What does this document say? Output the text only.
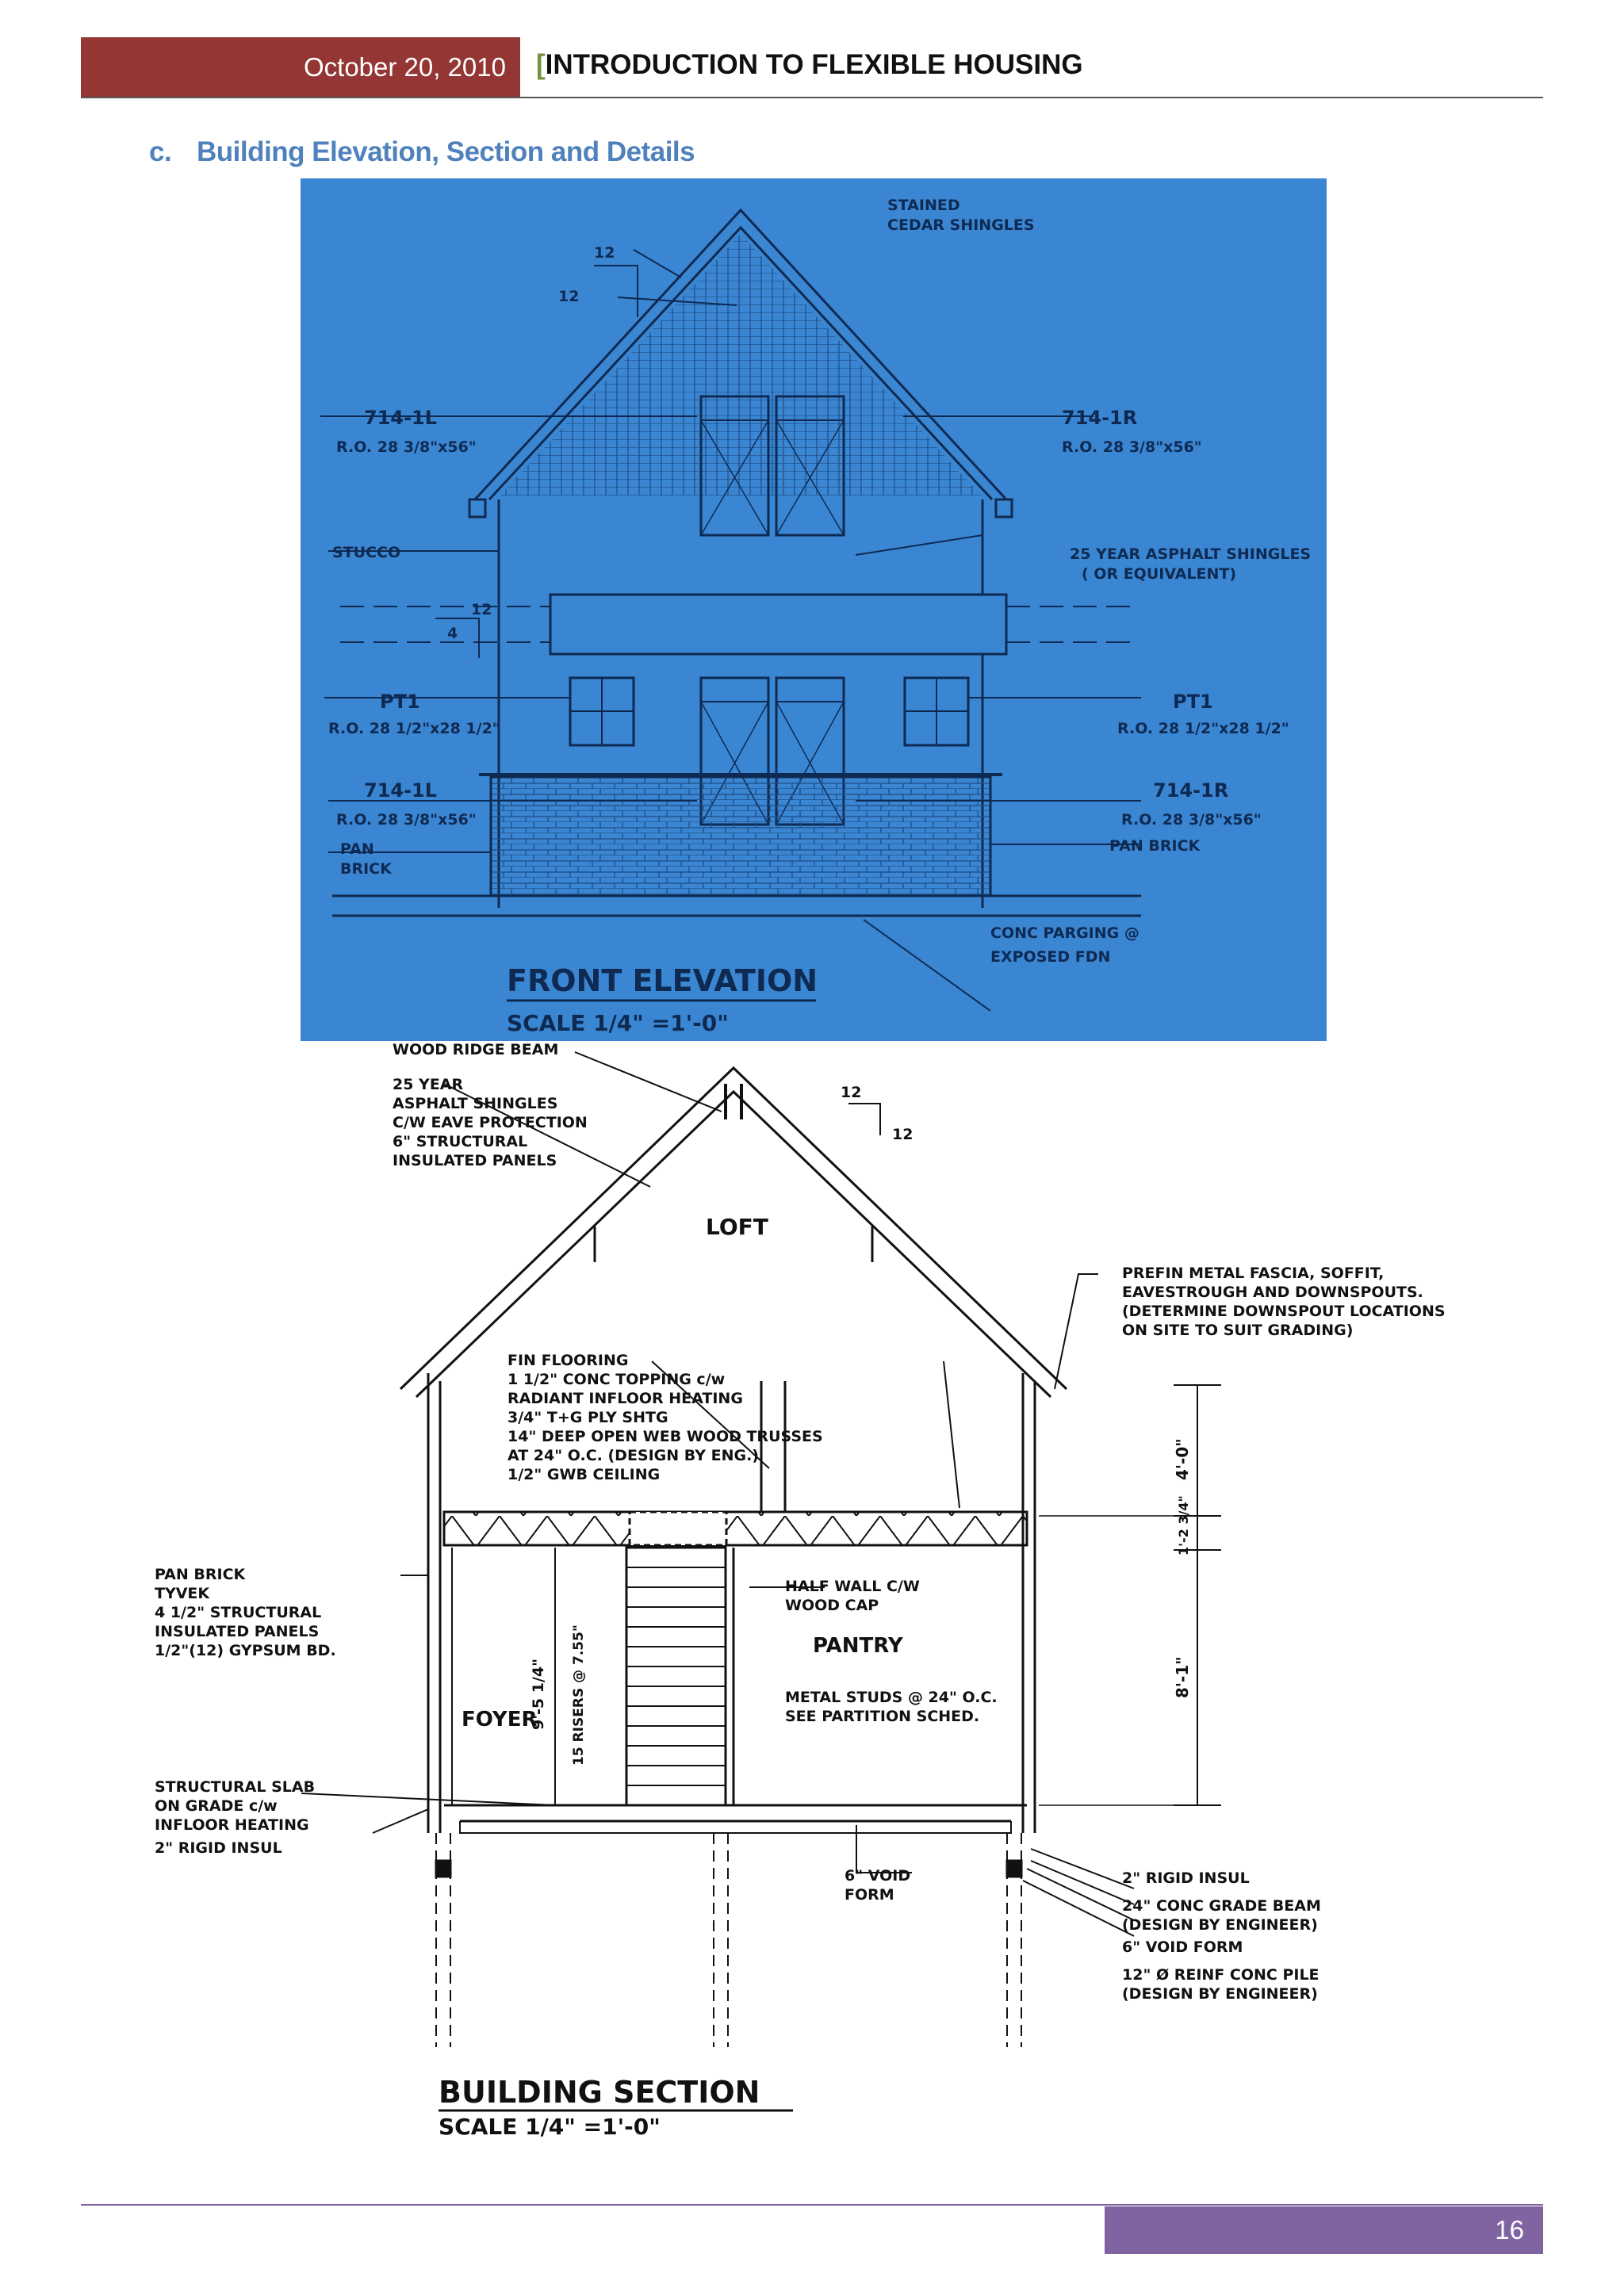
October 20, 2010 [INTRODUCTION TO FLEXIBLE HOUSING
c. Building Elevation, Section and Details
STAINED
CEDAR SHINGLES
12
12
714-1L
R.O. 28 3/8"x56"
714-1R
R.O. 28 3/8"x56"
STUCCO	25 YEAR ASPHALT SHINGLES
( OR EQUIVALENT)
12
4
PT1
R.O. 28 1/2"x28 1/2"
PT1
R.O. 28 1/2"x28 1/2"
714-1L
R.O. 28 3/8"x56"
714-1R
R.O. 28 3/8"x56"
PAN
BRICK
PAN BRICK
CONC PARGING @
EXPOSED FDN
FRONT ELEVATION
SCALE 1/4" =1'-0"
WOOD RIDGE BEAM
25 YEAR
ASPHALT SHINGLES
C/W EAVE PROTECTION
6" STRUCTURAL
INSULATED PANELS
12
12
LOFT
PREFIN METAL FASCIA, SOFFIT,
EAVESTROUGH AND DOWNSPOUTS.
(DETERMINE DOWNSPOUT LOCATIONS
ON SITE TO SUIT GRADING)
FIN FLOORING
1 1/2" CONC TOPPING c/w
RADIANT INFLOOR HEATING
3/4" T+G PLY SHTG
14" DEEP OPEN WEB WOOD TRUSSES
AT 24" O.C. (DESIGN BY ENG.)
1/2" GWB CEILING	4'-0"
1'-2 3/4"
8'-1"
PAN BRICK
TYVEK
4 1/2" STRUCTURAL
INSULATED PANELS
1/2"(12) GYPSUM BD.
HALF WALL C/W
WOOD CAP
PANTRY
METAL STUDS @ 24" O.C.
SEE PARTITION SCHED.
9'-5 1/4" 15 RISERS @ 7.55"
FOYER
STRUCTURAL SLAB
ON GRADE c/w
INFLOOR HEATING
2" RIGID INSUL
6" VOID
FORM
2" RIGID INSUL
24" CONC GRADE BEAM
(DESIGN BY ENGINEER)
6" VOID FORM
12" Ø REINF CONC PILE
(DESIGN BY ENGINEER)
BUILDING SECTION
SCALE 1/4" =1'-0"
16
